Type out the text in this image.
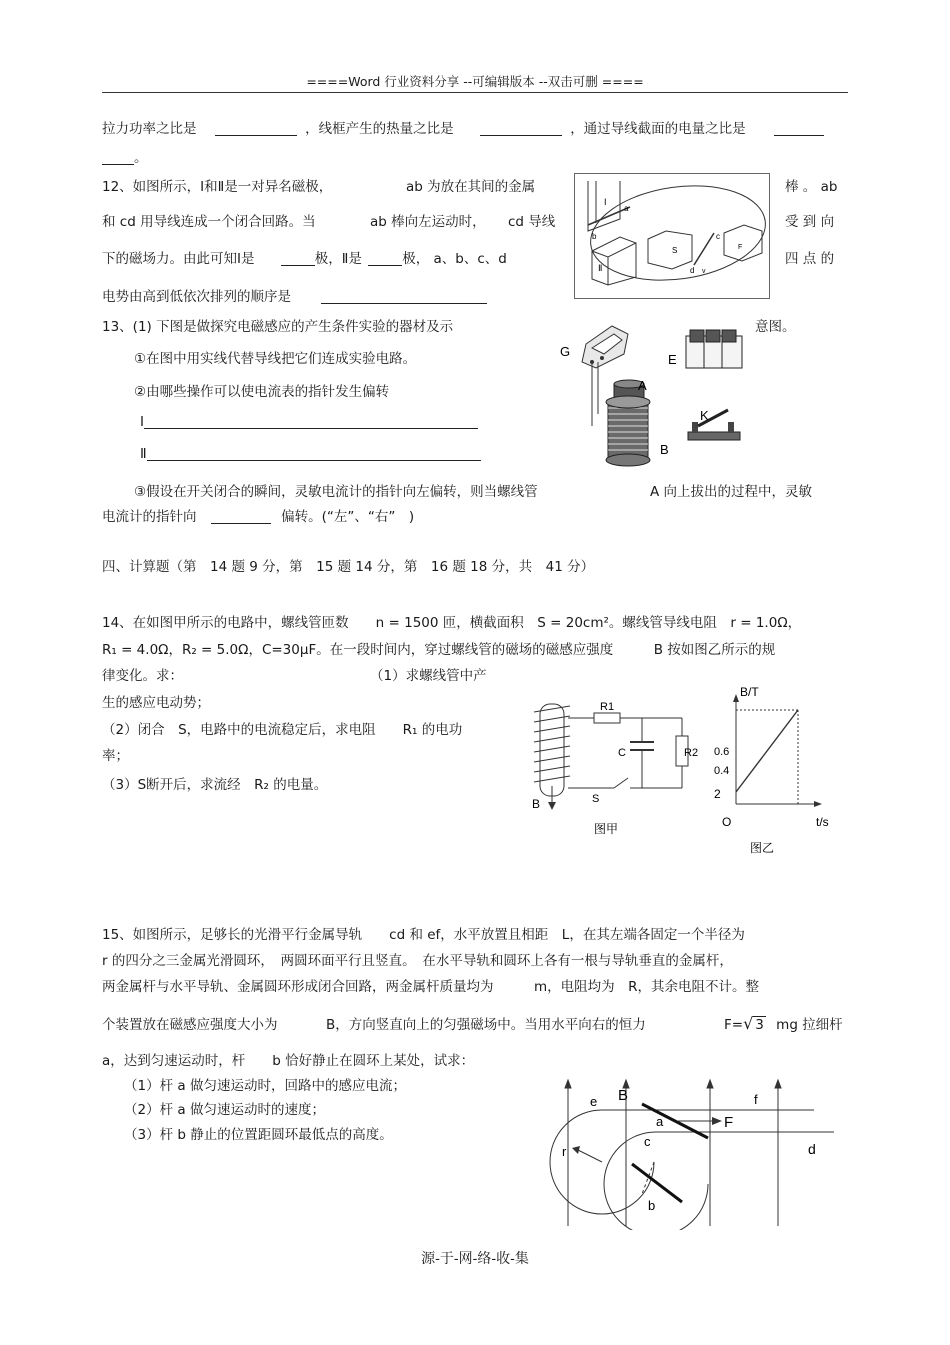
====Word 行业资料分享 --可编辑版本 --双击可删 ====
拉力功率之比是	，线框产生的热量之比是	，通过导线截面的电量之比是
。
12、如图所示，Ⅰ和Ⅱ是一对异名磁极，	ab 为放在其间的金属	棒 。 ab
和 cd 用导线连成一个闭合回路。当	ab 棒向左运动时， cd 导线	受 到 向
下的磁场力。由此可知Ⅰ是	极，Ⅱ是	极， a、b、c、d	四 点 的
电势由高到低依次排列的顺序是
I
Ⅱ
a
b
S
d
c
v
F
13、(1) 下图是做探究电磁感应的产生条件实验的器材及示	意图。
①在图中用实线代替导线把它们连成实验电路。
②由哪些操作可以使电流表的指针发生偏转
Ⅰ
Ⅱ
③假设在开关闭合的瞬间，灵敏电流计的指针向左偏转，则当螺线管	A 向上拔出的过程中，灵敏
电流计的指针向	偏转。(“左”、“右”　)
G
A
B
E
K
四、计算题（第　14 题 9 分，第　15 题 14 分，第　16 题 18 分，共　41 分）
14、在如图甲所示的电路中，螺线管匝数　　n = 1500 匝，横截面积　S = 20cm²。螺线管导线电阻　r = 1.0Ω，
R₁ = 4.0Ω，R₂ = 5.0Ω，C=30μF。在一段时间内，穿过螺线管的磁场的磁感应强度　　　B 按如图乙所示的规
律变化。求：	（1）求螺线管中产
生的感应电动势；
（2）闭合　S，电路中的电流稳定后，求电阻　　R₁ 的电功
率；
（3）S断开后，求流经　R₂ 的电量。
B
R1
C	R2
S
图甲
B/T
t/s
O
0.6
0.4
2
图乙
15、如图所示，足够长的光滑平行金属导轨　　cd 和 ef，水平放置且相距　L，在其左端各固定一个半径为
r 的四分之三金属光滑圆环，　两圆环面平行且竖直。　在水平导轨和圆环上各有一根与导轨垂直的金属杆，
两金属杆与水平导轨、金属圆环形成闭合回路，两金属杆质量均为　　　m，电阻均为　R，其余电阻不计。整
个装置放在磁感应强度大小为	B，方向竖直向上的匀强磁场中。当用水平向右的恒力	F=√ 3 mg 拉细杆
a，达到匀速运动时，杆　　b 恰好静止在圆环上某处，试求：
（1）杆 a 做匀速运动时，回路中的感应电流；
（2）杆 a 做匀速运动时的速度；
（3）杆 b 静止的位置距圆环最低点的高度。
B
e	f
c	d
r
a	F
b
源-于-网-络-收-集
